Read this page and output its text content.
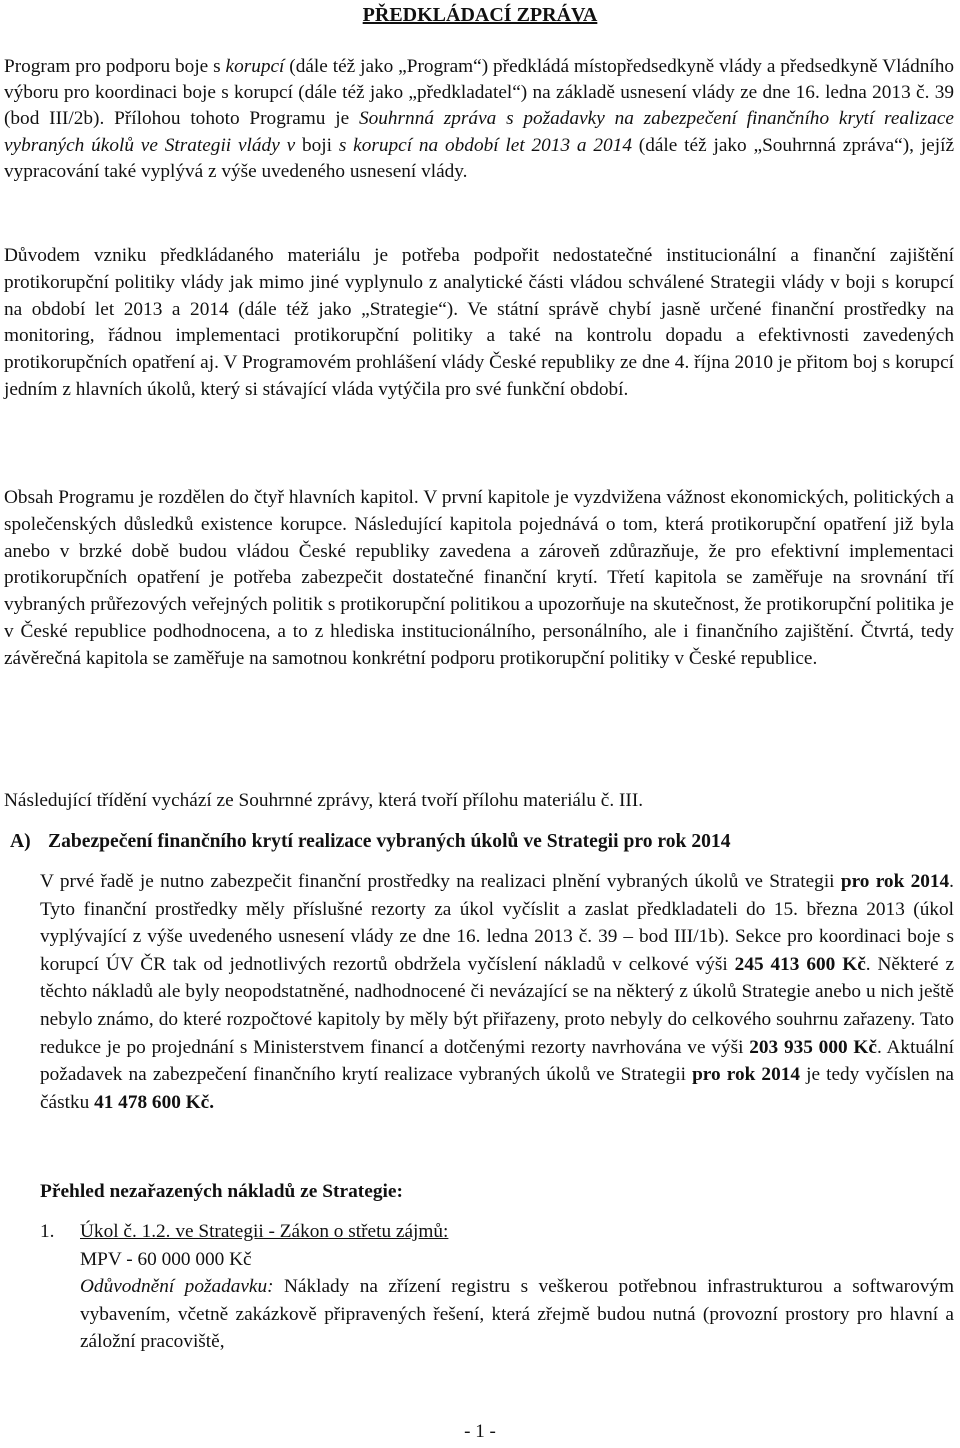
PŘEDKLÁDACÍ ZPRÁVA

Program pro podporu boje s korupcí (dále též jako „Program“) předkládá místopředsedkyně vlády a předsedkyně Vládního výboru pro koordinaci boje s korupcí (dále též jako „předkladatel“) na základě usnesení vlády ze dne 16. ledna 2013 č. 39 (bod III/2b). Přílohou tohoto Programu je Souhrnná zpráva s požadavky na zabezpečení finančního krytí realizace vybraných úkolů ve Strategii vlády v boji s korupcí na období let 2013 a 2014 (dále též jako „Souhrnná zpráva“), jejíž vypracování také vyplývá z výše uvedeného usnesení vlády.

Důvodem vzniku předkládaného materiálu je potřeba podpořit nedostatečné institucionální a finanční zajištění protikorupční politiky vlády jak mimo jiné vyplynulo z analytické části vládou schválené Strategii vlády v boji s korupcí na období let 2013 a 2014 (dále též jako „Strategie“). Ve státní správě chybí jasně určené finanční prostředky na monitoring, řádnou implementaci protikorupční politiky a také na kontrolu dopadu a efektivnosti zavedených protikorupčních opatření aj. V Programovém prohlášení vlády České republiky ze dne 4. října 2010 je přitom boj s korupcí jedním z hlavních úkolů, který si stávající vláda vytýčila pro své funkční období.

Obsah Programu je rozdělen do čtyř hlavních kapitol. V první kapitole je vyzdvižena vážnost ekonomických, politických a společenských důsledků existence korupce. Následující kapitola pojednává o tom, která protikorupční opatření již byla anebo v brzké době budou vládou České republiky zavedena a zároveň zdůrazňuje, že pro efektivní implementaci protikorupčních opatření je potřeba zabezpečit dostatečné finanční krytí. Třetí kapitola se zaměřuje na srovnání tří vybraných průřezových veřejných politik s protikorupční politikou a upozorňuje na skutečnost, že protikorupční politika je v České republice podhodnocena, a to z hlediska institucionálního, personálního, ale i finančního zajištění. Čtvrtá, tedy závěrečná kapitola se zaměřuje na samotnou konkrétní podporu protikorupční politiky v České republice.

Následující třídění vychází ze Souhrnné zprávy, která tvoří přílohu materiálu č. III.

A) Zabezpečení finančního krytí realizace vybraných úkolů ve Strategii pro rok 2014

V prvé řadě je nutno zabezpečit finanční prostředky na realizaci plnění vybraných úkolů ve Strategii pro rok 2014. Tyto finanční prostředky měly příslušné rezorty za úkol vyčíslit a zaslat předkladateli do 15. března 2013 (úkol vyplývající z výše uvedeného usnesení vlády ze dne 16. ledna 2013 č. 39 – bod III/1b). Sekce pro koordinaci boje s korupcí ÚV ČR tak od jednotlivých rezortů obdržela vyčíslení nákladů v celkové výši 245 413 600 Kč. Některé z těchto nákladů ale byly neopodstatněné, nadhodnocené či nevázající se na některý z úkolů Strategie anebo u nich ještě nebylo známo, do které rozpočtové kapitoly by měly být přiřazeny, proto nebyly do celkového souhrnu zařazeny. Tato redukce je po projednání s Ministerstvem financí a dotčenými rezorty navrhována ve výši 203 935 000 Kč. Aktuální požadavek na zabezpečení finančního krytí realizace vybraných úkolů ve Strategii pro rok 2014 je tedy vyčíslen na částku 41 478 600 Kč.

Přehled nezařazených nákladů ze Strategie:

1. Úkol č. 1.2. ve Strategii - Zákon o střetu zájmů:
MPV - 60 000 000 Kč
Odůvodnění požadavku: Náklady na zřízení registru s veškerou potřebnou infrastrukturou a softwarovým vybavením, včetně zakázkově připravených řešení, která zřejmě budou nutná (provozní prostory pro hlavní a záložní pracoviště,
- 1 -
